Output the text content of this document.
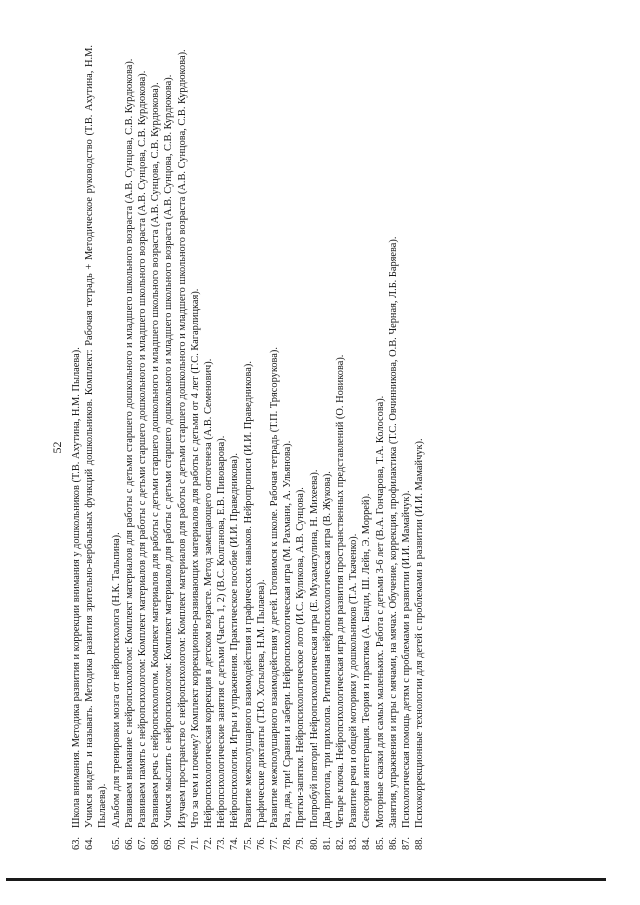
52
63.
Школа внимания. Методика развития и коррекции внимания у дошкольников (Т.В. Ахутина, Н.М. Пылаева).
64.
Учимся видеть и называть. Методика развития зрительно-вербальных функций дошкольников. Комплект: Рабочая тетрадь + Методическое руководство (Т.В. Ахутина, Н.М. Пылаева).
65.
Альбом для тренировки мозга от нейропсихолога (Н.К. Тальпина).
66.
Развиваем внимание с нейропсихологом: Комплект материалов для работы с детьми старшего дошкольного и младшего школьного возраста (А.В. Сунцова, С.В. Курдюкова).
67.
Развиваем память с нейропсихологом: Комплект материалов для работы с детьми старшего дошкольного и младшего школьного возраста (А.В. Сунцова, С.В. Курдюкова).
68.
Развиваем речь с нейропсихологом. Комплект материалов для работы с детьми старшего дошкольного и младшего школьного возраста (А.В. Сунцова, С.В. Курдюкова).
69.
Учимся мыслить с нейропсихологом: Комплект материалов для работы с детьми старшего дошкольного и младшего школьного возраста (А.В. Сунцова, С.В. Курдюкова).
70.
Изучаем пространство с нейропсихологом: Комплект материалов для работы с детьми старшего дошкольного и младшего школьного возраста (А.В. Сунцова, С.В. Курдюкова).
71.
Что за чем и почему? Комплект коррекционно-развивающих материалов для работы с детьми от 4 лет (Г.С. Кагарлицкая).
72.
Нейропсихологическая коррекция в детском возрасте. Метод замещающего онтогенеза (А.В. Семенович).
73.
Нейропсихологические занятия с детьми (Часть 1, 2) (В.С. Колганова, Е.В. Пивоварова).
74.
Нейропсихология. Игры и упражнения. Практическое пособие (И.И. Праведникова).
75.
Развитие межполушарного взаимодействия и графических навыков. Нейропрописи (И.И. Праведникова).
76.
Графические диктанты (Т.Ю. Хотылева, Н.М. Пылаева).
77.
Развитие межполушарного взаимодействия у детей. Готовимся к школе. Рабочая тетрадь (Т.П. Трясорукова).
78.
Раз, два, три! Сравни и забери. Нейропсихологическая игра (М. Рахмани, А. Ульянова).
79.
Прятки-запятки. Нейропсихологическое лото (И.С. Куликова, А.В. Сунцова).
80.
Попробуй повтори! Нейропсихологическая игра (Е. Мухаматулина, Н. Михеева).
81.
Два притопа, три прихлопа. Ритмичная нейропсихологическая игра (В. Жукова).
82.
Четыре ключа. Нейропсихологическая игра для развития пространственных представлений (О. Новикова).
83.
Развитие речи и общей моторики у дошкольников (Т.А. Ткаченко).
84.
Сенсорная интеграция. Теория и практика (А. Банди, Ш. Лейн, Э. Моррей).
85.
Моторные сказки для самых маленьких. Работа с детьми 3-6 лет (В.А. Гончарова, Т.А. Колосова).
86.
Занятия, упражнения и игры с мячами, на мячах. Обучение, коррекция, профилактика (Т.С. Овчинникова, О.В. Черная, Л.Б. Баряева).
87.
Психологическая помощь детям с проблемами в развитии (И.И. Мамайчук).
88.
Психокоррекционные технологии для детей с проблемами в развитии (И.И. Мамайчук).
